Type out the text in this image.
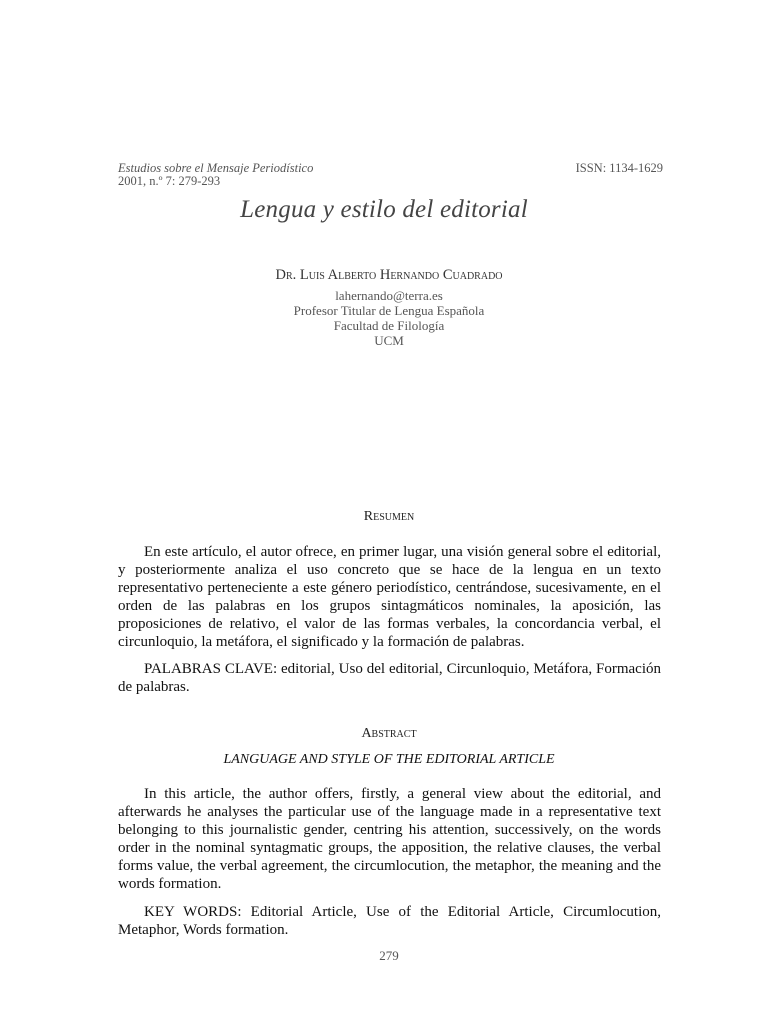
Estudios sobre el Mensaje Periodístico	ISSN: 1134-1629
2001, n.º 7: 279-293
Lengua y estilo del editorial
Dr. Luis Alberto Hernando Cuadrado
lahernando@terra.es
Profesor Titular de Lengua Española
Facultad de Filología
UCM
Resumen
En este artículo, el autor ofrece, en primer lugar, una visión general sobre el editorial, y posteriormente analiza el uso concreto que se hace de la lengua en un texto representativo perteneciente a este género periodístico, centrándose, sucesivamente, en el orden de las palabras en los grupos sintagmáticos nominales, la aposición, las proposiciones de relativo, el valor de las formas verbales, la concordancia verbal, el circunloquio, la metáfora, el significado y la formación de palabras.
PALABRAS CLAVE: editorial, Uso del editorial, Circunloquio, Metáfora, Formación de palabras.
Abstract
LANGUAGE AND STYLE OF THE EDITORIAL ARTICLE
In this article, the author offers, firstly, a general view about the editorial, and afterwards he analyses the particular use of the language made in a representative text belonging to this journalistic gender, centring his attention, successively, on the words order in the nominal syntagmatic groups, the apposition, the relative clauses, the verbal forms value, the verbal agreement, the circumlocution, the metaphor, the meaning and the words formation.
KEY WORDS: Editorial Article, Use of the Editorial Article, Circumlocution, Metaphor, Words formation.
279
